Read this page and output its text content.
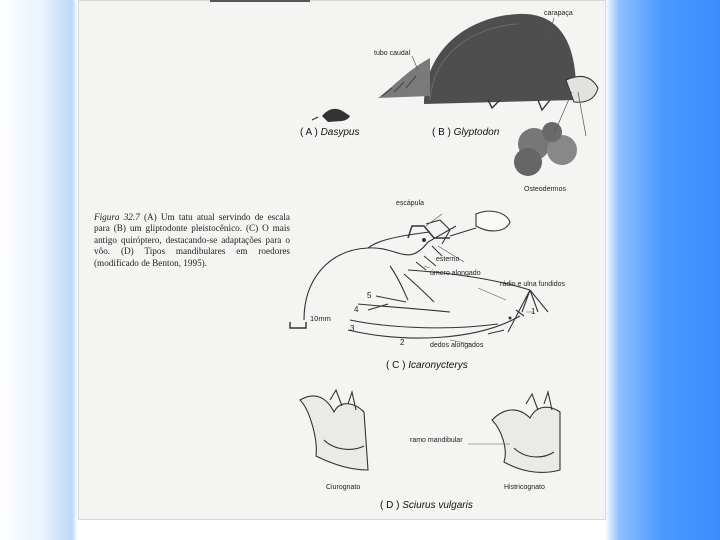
carapaça
tubo caudal
Osteodermos
( A ) Dasypus	( B ) Glyptodon
Figura 32.7 (A) Um tatu atual servindo de escala para (B) um gliptodonte pleistocênico. (C) O mais antigo quiróptero, destacando-se adaptações para o vôo. (D) Tipos mandibulares em roedores (modificado de Benton, 1995).
escápula
esterno
úmero alongado
rádio e ulna fundidos
dedos alongados
10mm
1
2
3
4
5
( C ) Icaronycterys
ramo mandibular
Ciurognato	Histricognato
( D ) Sciurus vulgaris
